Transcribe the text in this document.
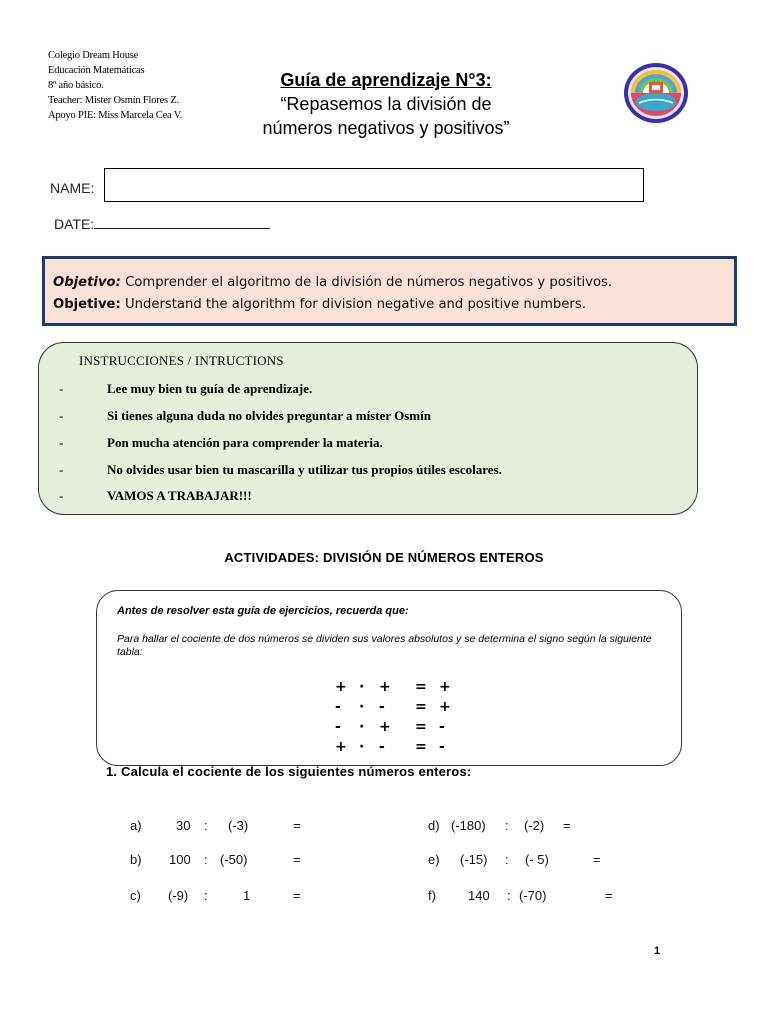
Colegio Dream House
Educación Matemáticas
8º año básico.
Teacher: Mister Osmín Flores Z.
Apoyo PIE: Miss Marcela Cea V.
Guía de aprendizaje N°3:
“Repasemos la división de
números negativos y positivos”
NAME:
DATE:
Objetivo: Comprender el algoritmo de la división de números negativos y positivos.
Objetive: Understand the algorithm for division negative and positive numbers.
INSTRUCCIONES / INTRUCTIONS
-	Lee muy bien tu guía de aprendizaje.
-	Si tienes alguna duda no olvides preguntar a míster Osmín
-	Pon mucha atención para comprender la materia.
-	No olvides usar bien tu mascarilla y utilizar tus propios útiles escolares.
-	VAMOS A TRABAJAR!!!
ACTIVIDADES: DIVISIÓN DE NÚMEROS ENTEROS
Antes de resolver esta guía de ejercicios, recuerda que:
Para hallar el cociente de dos números se dividen sus valores absolutos y se determina el signo según la siguiente tabla:
+ · + = +
- · - = +
- · + = -
+ · - = -
1. Calcula el cociente de los siguientes números enteros:
a)	30 : (-3)	=
b) 100 : (-50)	=
c) (-9) :	1	=
d) (-180) : (-2) =
e) (-15) : (- 5)	=
f) 140 : (-70)	=
1
